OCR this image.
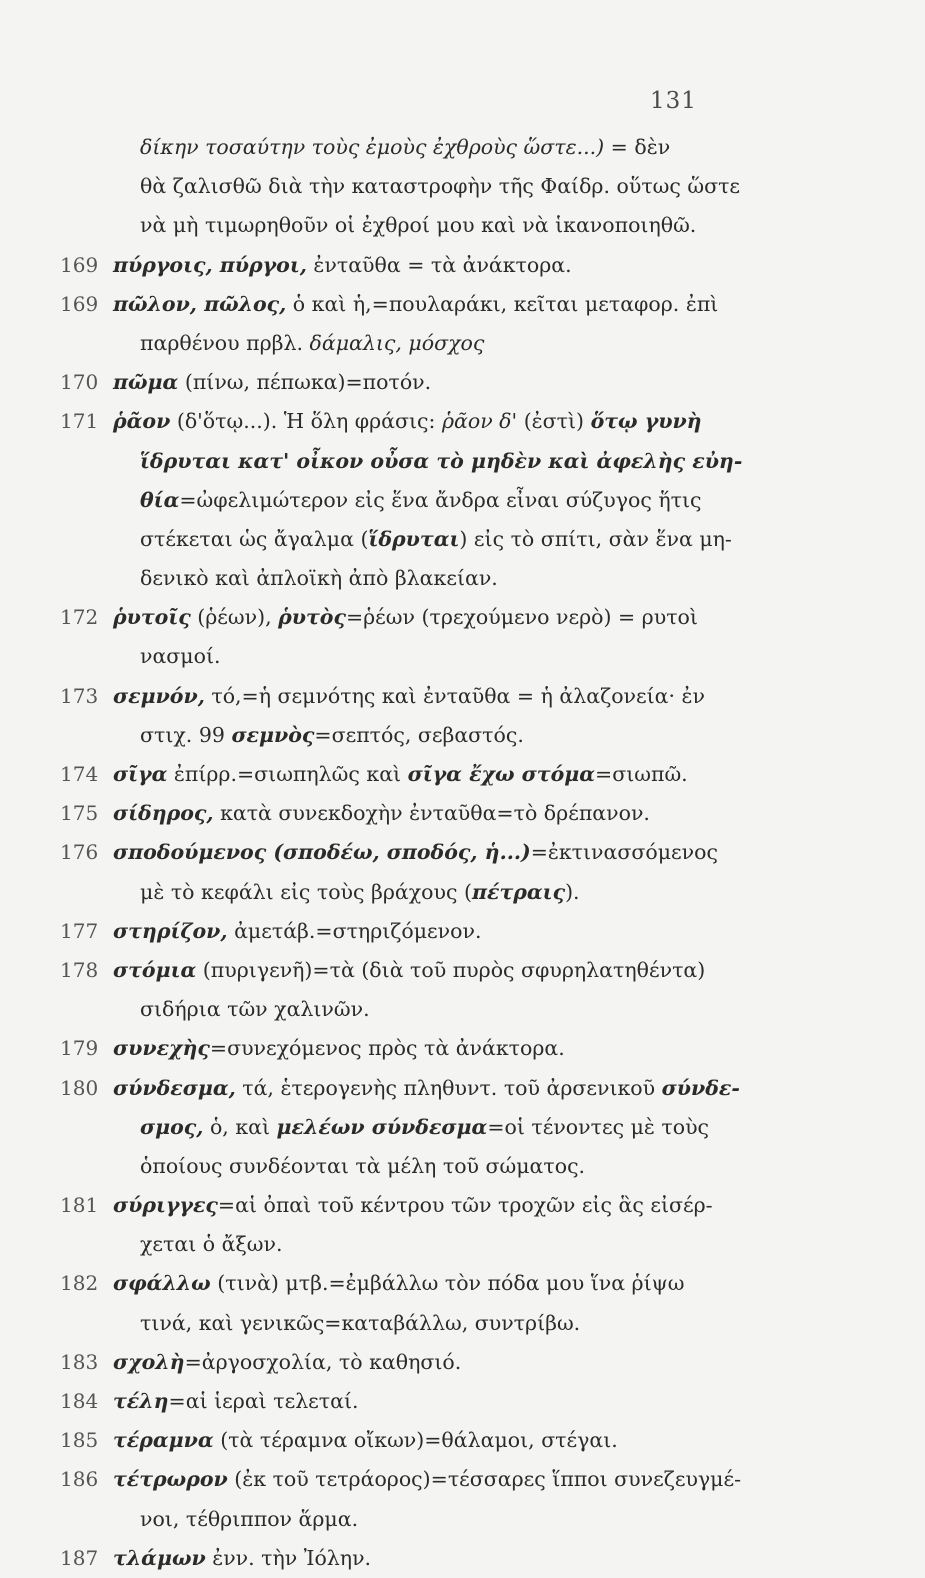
131
δίκην τοσαύτην τοὺς ἐμοὺς ἐχθροὺς ὥστε...) = δὲν
θὰ ζαλισθῶ διὰ τὴν καταστροφὴν τῆς Φαίδρ. οὕτως ὥστε
νὰ μὴ τιμωρηθοῦν οἱ ἐχθροί μου καὶ νὰ ἱκανοποιηθῶ.
169 πύργοις, πύργοι, ἐνταῦθα = τὰ ἀνάκτορα.
169 πῶλον, πῶλος, ὁ καὶ ἡ,=πουλαράκι, κεῖται μεταφορ. ἐπὶ
παρθένου πρβλ. δάμαλις, μόσχος
170 πῶμα (πίνω, πέπωκα)=ποτόν.
171 ῥᾶον (δ'ὅτῳ...). Ἡ ὅλη φράσις: ῥᾶον δ' (ἐστὶ) ὅτῳ γυνὴ
ἵδρυται κατ' οἶκον οὖσα τὸ μηδὲν καὶ ἀφελὴς εὐη-
θία=ὠφελιμώτερον εἰς ἕνα ἄνδρα εἶναι σύζυγος ἥτις
στέκεται ὡς ἄγαλμα (ἵδρυται) εἰς τὸ σπίτι, σὰν ἕνα μη-
δενικὸ καὶ ἀπλοϊκὴ ἀπὸ βλακείαν.
172 ῥυτοῖς (ῥέων), ῥυτὸς=ῥέων (τρεχούμενο νερὸ) = ρυτοὶ
νασμοί.
173 σεμνόν, τό,=ἡ σεμνότης καὶ ἐνταῦθα = ἡ ἀλαζονεία· ἐν
στιχ. 99 σεμνὸς=σεπτός, σεβαστός.
174 σῖγα ἐπίρρ.=σιωπηλῶς καὶ σῖγα ἔχω στόμα=σιωπῶ.
175 σίδηρος, κατὰ συνεκδοχὴν ἐνταῦθα=τὸ δρέπανον.
176 σποδούμενος (σποδέω, σποδός, ἡ...)=ἐκτινασσόμενος
μὲ τὸ κεφάλι εἰς τοὺς βράχους (πέτραις).
177 στηρίζον, ἀμετάβ.=στηριζόμενον.
178 στόμια (πυριγενῆ)=τὰ (διὰ τοῦ πυρὸς σφυρηλατηθέντα)
σιδήρια τῶν χαλινῶν.
179 συνεχὴς=συνεχόμενος πρὸς τὰ ἀνάκτορα.
180 σύνδεσμα, τά, ἑτερογενὴς πληθυντ. τοῦ ἀρσενικοῦ σύνδε-
σμος, ὁ, καὶ μελέων σύνδεσμα=οἱ τένοντες μὲ τοὺς
ὁποίους συνδέονται τὰ μέλη τοῦ σώματος.
181 σύριγγες=αἱ ὀπαὶ τοῦ κέντρου τῶν τροχῶν εἰς ἃς εἰσέρ-
χεται ὁ ἄξων.
182 σφάλλω (τινὰ) μτβ.=ἐμβάλλω τὸν πόδα μου ἵνα ῥίψω
τινά, καὶ γενικῶς=καταβάλλω, συντρίβω.
183 σχολὴ=ἀργοσχολία, τὸ καθησιό.
184 τέλη=αἱ ἱεραὶ τελεταί.
185 τέραμνα (τὰ τέραμνα οἴκων)=θάλαμοι, στέγαι.
186 τέτρωρον (ἐκ τοῦ τετράορος)=τέσσαρες ἵπποι συνεζευγμέ-
νοι, τέθριππον ἅρμα.
187 τλάμων ἐνν. τὴν Ἰόλην.
